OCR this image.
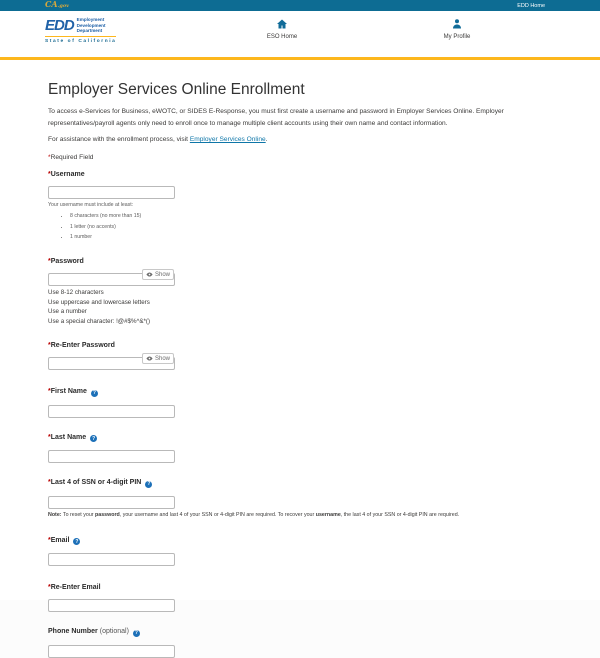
CA.gov	EDD Home
EDD Employment
Development
Department
State of California
ESO Home	My Profile
Employer Services Online Enrollment

To access e-Services for Business, eWOTC, or SIDES E-Response, you must first create a username and password in Employer Services Online. Employer representatives/payroll agents only need to enroll once to manage multiple client accounts using their own name and contact information.

For assistance with the enrollment process, visit Employer Services Online.

*Required Field

*Username
Your username must include at least:
• 8 characters (no more than 15)
• 1 letter (no accents)
• 1 number
*Password
Show
Use 8-12 characters
Use uppercase and lowercase letters
Use a number
Use a special character: !@#$%^&*()
*Re-Enter Password
Show
*First Name ?
*Last Name ?
*Last 4 of SSN or 4-digit PIN ?

Note: To reset your password, your username and last 4 of your SSN or 4-digit PIN are required. To recover your username, the last 4 of your SSN or 4-digit PIN are required.

*Email ?
*Re-Enter Email
Phone Number (optional) ?
